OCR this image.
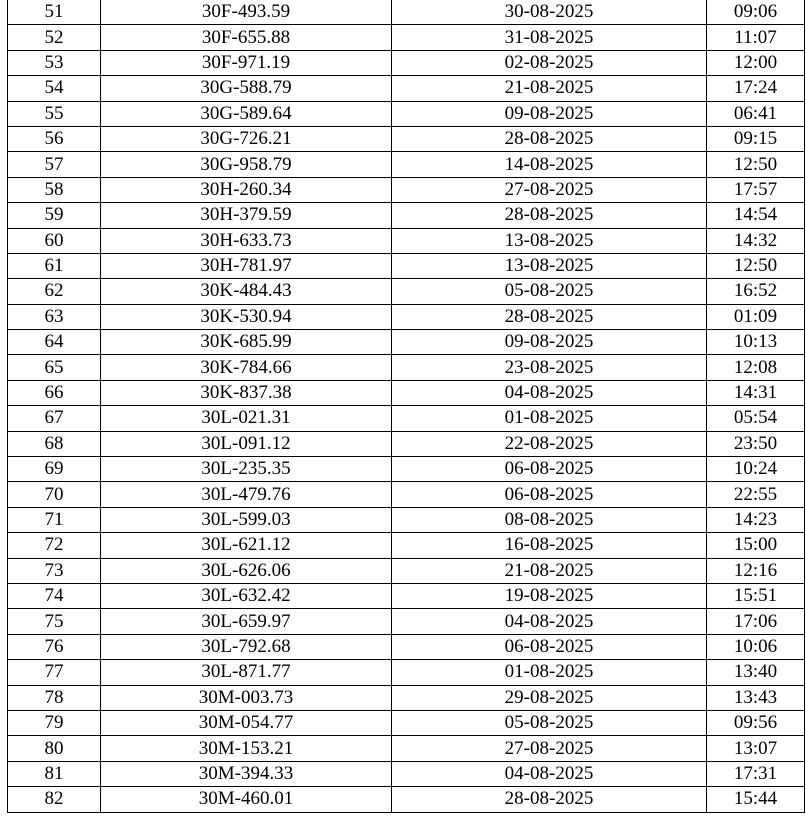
51	30F-493.59	30-08-2025	09:06
52	30F-655.88	31-08-2025	11:07
53	30F-971.19	02-08-2025	12:00
54	30G-588.79	21-08-2025	17:24
55	30G-589.64	09-08-2025	06:41
56	30G-726.21	28-08-2025	09:15
57	30G-958.79	14-08-2025	12:50
58	30H-260.34	27-08-2025	17:57
59	30H-379.59	28-08-2025	14:54
60	30H-633.73	13-08-2025	14:32
61	30H-781.97	13-08-2025	12:50
62	30K-484.43	05-08-2025	16:52
63	30K-530.94	28-08-2025	01:09
64	30K-685.99	09-08-2025	10:13
65	30K-784.66	23-08-2025	12:08
66	30K-837.38	04-08-2025	14:31
67	30L-021.31	01-08-2025	05:54
68	30L-091.12	22-08-2025	23:50
69	30L-235.35	06-08-2025	10:24
70	30L-479.76	06-08-2025	22:55
71	30L-599.03	08-08-2025	14:23
72	30L-621.12	16-08-2025	15:00
73	30L-626.06	21-08-2025	12:16
74	30L-632.42	19-08-2025	15:51
75	30L-659.97	04-08-2025	17:06
76	30L-792.68	06-08-2025	10:06
77	30L-871.77	01-08-2025	13:40
78	30M-003.73	29-08-2025	13:43
79	30M-054.77	05-08-2025	09:56
80	30M-153.21	27-08-2025	13:07
81	30M-394.33	04-08-2025	17:31
82	30M-460.01	28-08-2025	15:44
